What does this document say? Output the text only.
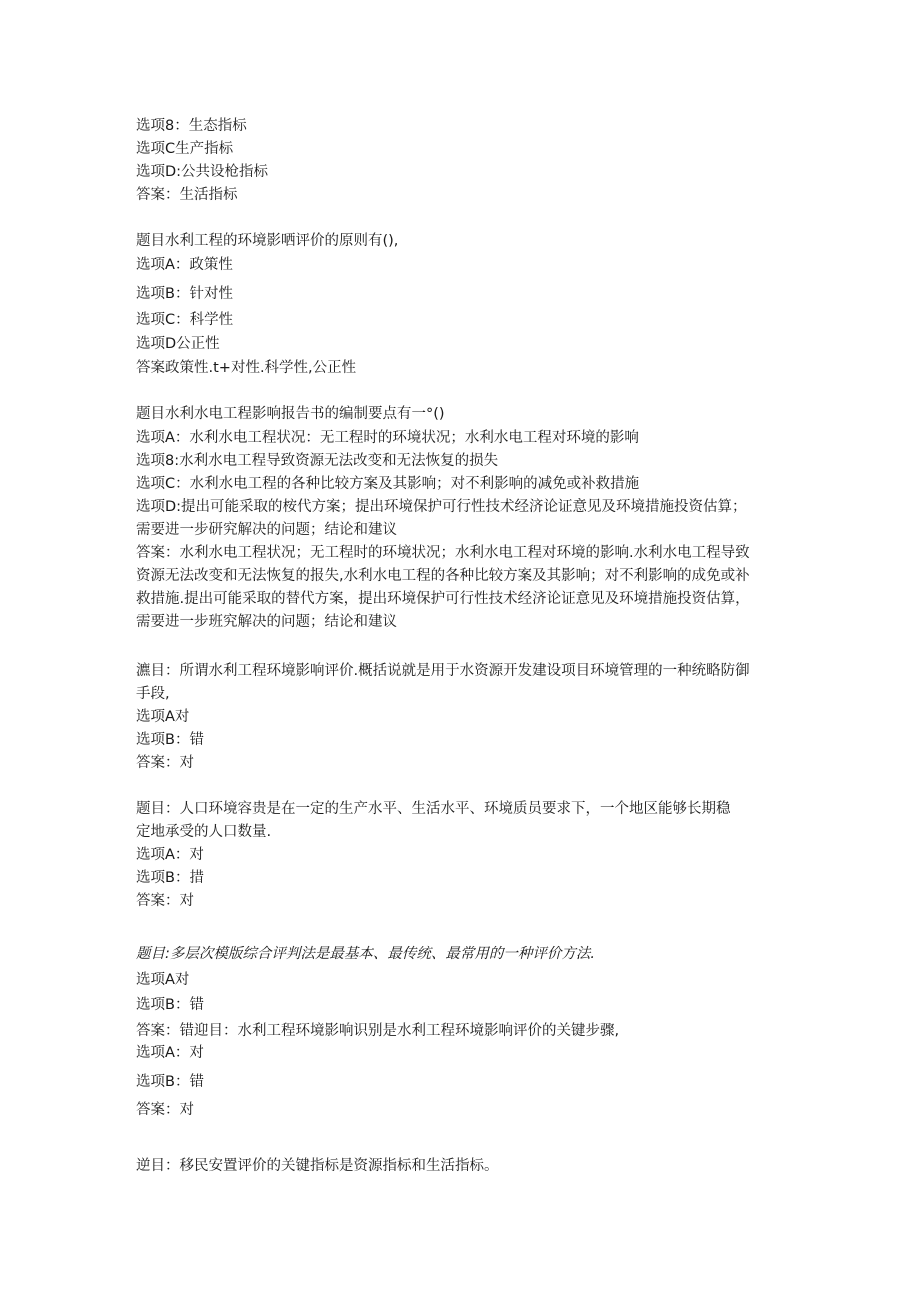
选项8：生态指标
选项C生产指标
选项D:公共设枪指标
答案：生活指标
题目水利工程的环境影哂评价的原则有(),
选项A：政策性
选项B：针对性
选项C：科学性
选项D公正性
答案政策性.t+对性.科学性,公正性
题目水利水电工程影响报告书的编制要点有一°()
选项A：水利水电工程状况：无工程时的环境状况；水利水电工程对环境的影响
选项8:水利水电工程导致资源无法改变和无法恢复的损失
选项C：水利水电工程的各种比较方案及其影响；对不利影响的减免或补救措施
选项D:提出可能采取的桉代方案；提出环境保护可行性技术经济论证意见及环境措施投资估算；
需要进一步研究解决的问题；结论和建议
答案：水利水电工程状况；无工程时的环境状况；水利水电工程对环境的影响.水利水电工程导致
资源无法改变和无法恢复的报失,水利水电工程的各种比较方案及其影响；对不利影响的成免或补
救措施.提出可能采取的替代方案，提出环境保护可行性技术经济论证意见及环境措施投资估算，
需要进一步班究解决的问题；结论和建议
瀌目：所谓水利工程环境影响评价.概括说就是用于水资源开发建设项目环境管理的一种统略防御
手段,
选项A对
选项B：错
答案：对
题目：人口环境容贵是在一定的生产水平、生活水平、环境质员要求下，一个地区能够长期稳
定地承受的人口数量.
选项A：对
选项B：措
答案：对
题目:多层次模版综合评判法是最基本、最传统、最常用的一种评价方法.
选项A对
选项B：错
答案：错迎目：水利工程环境影响识别是水利工程环境影响评价的关键步骤,
选项A：对
选项B：错
答案：对
逆目：移民安置评价的关键指标是资源指标和生活指标。
